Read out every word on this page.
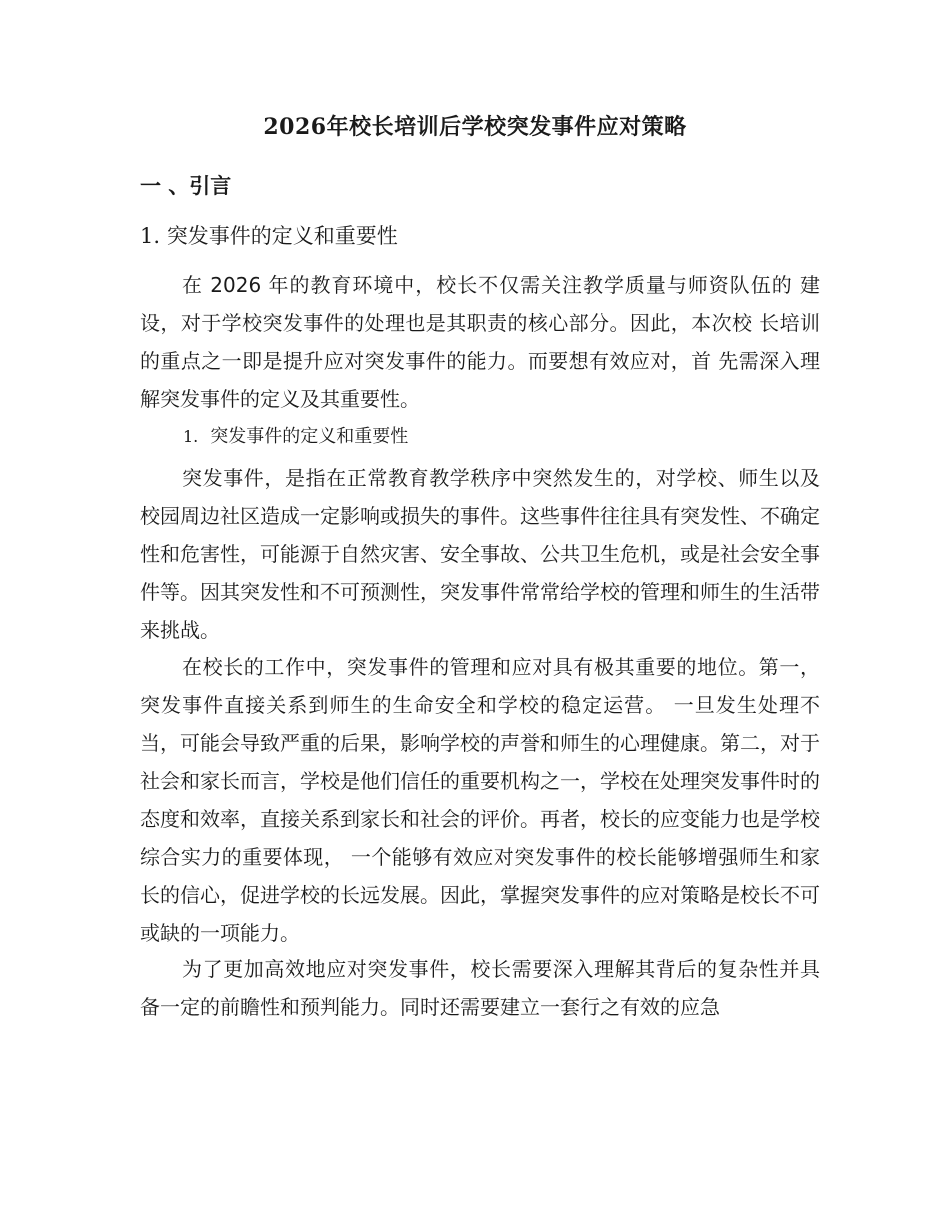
2026年校长培训后学校突发事件应对策略
一 、引言
1. 突发事件的定义和重要性

在 2026 年的教育环境中，校长不仅需关注教学质量与师资队伍的 建设，对于学校突发事件的处理也是其职责的核心部分。因此，本次校 长培训的重点之一即是提升应对突发事件的能力。而要想有效应对，首 先需深入理解突发事件的定义及其重要性。

1. 突发事件的定义和重要性

突发事件，是指在正常教育教学秩序中突然发生的，对学校、师生以及校园周边社区造成一定影响或损失的事件。这些事件往往具有突发性、不确定性和危害性，可能源于自然灾害、安全事故、公共卫生危机，或是社会安全事件等。因其突发性和不可预测性，突发事件常常给学校的管理和师生的生活带来挑战。

在校长的工作中，突发事件的管理和应对具有极其重要的地位。第一，突发事件直接关系到师生的生命安全和学校的稳定运营。 一旦发生处理不当，可能会导致严重的后果，影响学校的声誉和师生的心理健康。第二，对于社会和家长而言，学校是他们信任的重要机构之一，学校在处理突发事件时的态度和效率，直接关系到家长和社会的评价。再者，校长的应变能力也是学校综合实力的重要体现， 一个能够有效应对突发事件的校长能够增强师生和家长的信心，促进学校的长远发展。因此，掌握突发事件的应对策略是校长不可或缺的一项能力。

为了更加高效地应对突发事件，校长需要深入理解其背后的复杂性并具备一定的前瞻性和预判能力。同时还需要建立一套行之有效的应急
